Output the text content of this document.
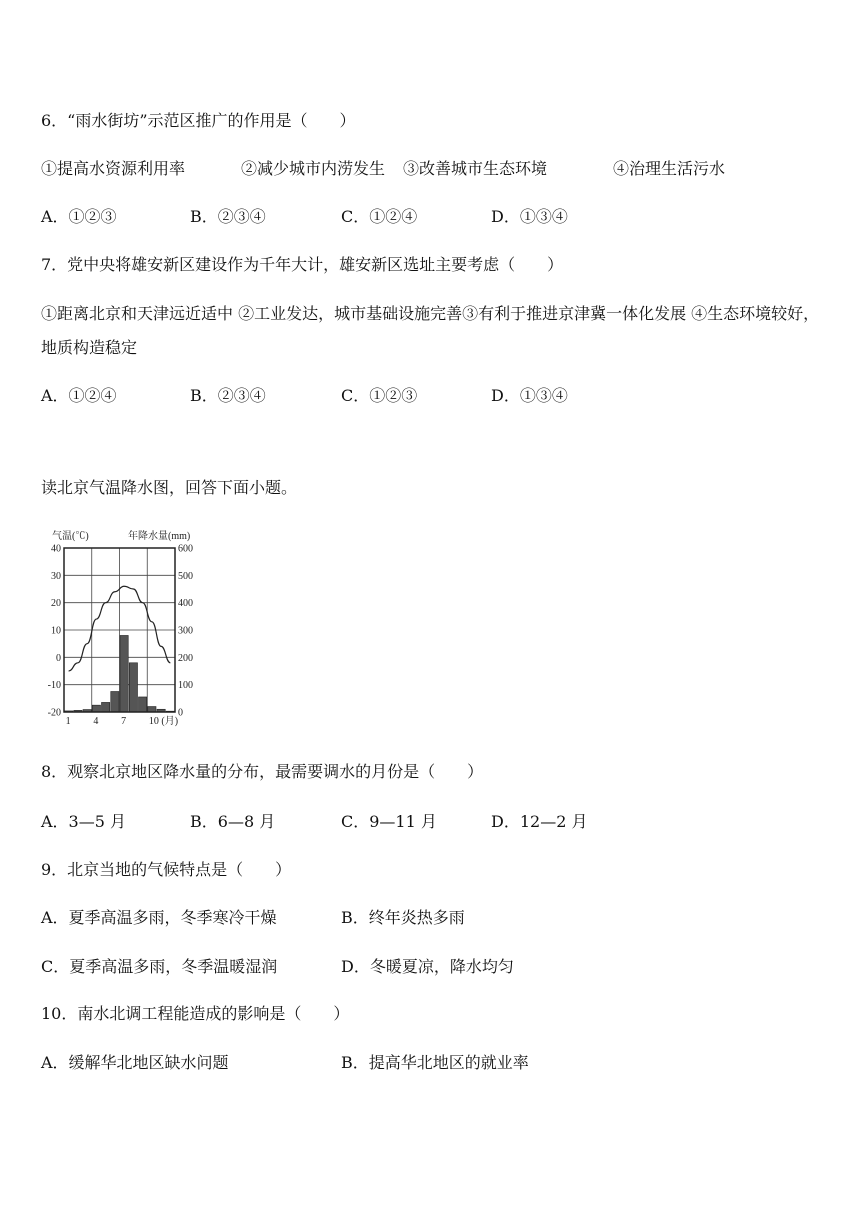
6．“雨水街坊”示范区推广的作用是（　　）
①提高水资源利用率	②减少城市内涝发生 ③改善城市生态环境	④治理生活污水
A．①②③	B．②③④	C．①②④	D．①③④
7．党中央将雄安新区建设作为千年大计，雄安新区选址主要考虑（　　）
①距离北京和天津远近适中 ②工业发达，城市基础设施完善③有利于推进京津冀一体化发展 ④生态环境较好，地质构造稳定
A．①②④	B．②③④	C．①②③	D．①③④
读北京气温降水图，回答下面小题。
气温(℃)	年降水量(mm)
40
30
20
10
0
-10
-20
600
500
400
300
200
100
0
1 4 7 10 (月)
8．观察北京地区降水量的分布，最需要调水的月份是（　　）
A．3—5 月	B．6—8 月	C．9—11 月	D．12—2 月
9．北京当地的气候特点是（　　）
A．夏季高温多雨，冬季寒冷干燥	B．终年炎热多雨
C．夏季高温多雨，冬季温暖湿润	D．冬暖夏凉，降水均匀
10．南水北调工程能造成的影响是（　　）
A．缓解华北地区缺水问题	B．提高华北地区的就业率
